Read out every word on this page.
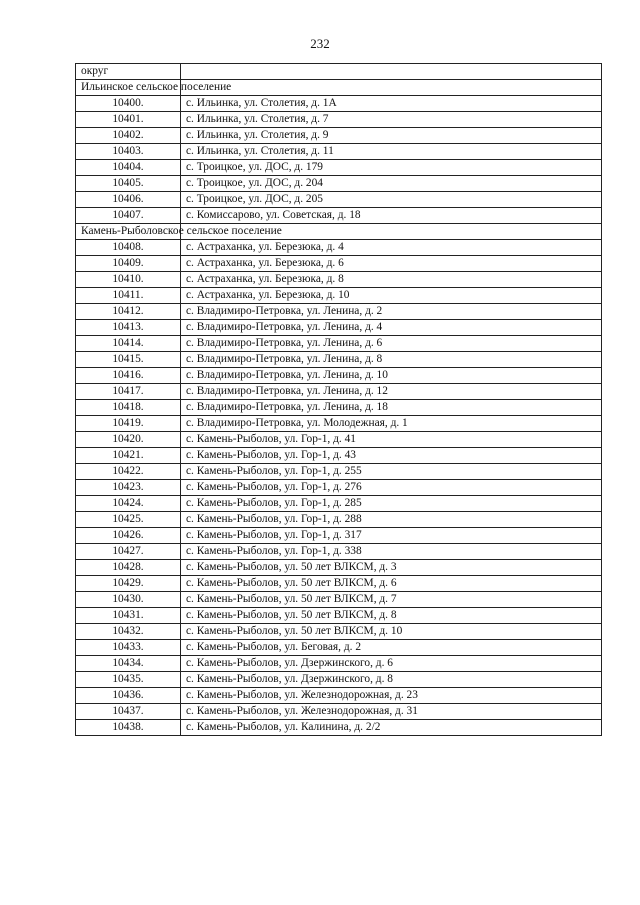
232
округ	
Ильинское сельское поселение	
10400.	с. Ильинка, ул. Столетия, д. 1А
10401.	с. Ильинка, ул. Столетия, д. 7
10402.	с. Ильинка, ул. Столетия, д. 9
10403.	с. Ильинка, ул. Столетия, д. 11
10404.	с. Троицкое, ул. ДОС, д. 179
10405.	с. Троицкое, ул. ДОС, д. 204
10406.	с. Троицкое, ул. ДОС, д. 205
10407.	с. Комиссарово, ул. Советская, д. 18
Камень-Рыболовское сельское поселение	
10408.	с. Астраханка, ул. Березюка, д. 4
10409.	с. Астраханка, ул. Березюка, д. 6
10410.	с. Астраханка, ул. Березюка, д. 8
10411.	с. Астраханка, ул. Березюка, д. 10
10412.	с. Владимиро-Петровка, ул. Ленина, д. 2
10413.	с. Владимиро-Петровка, ул. Ленина, д. 4
10414.	с. Владимиро-Петровка, ул. Ленина, д. 6
10415.	с. Владимиро-Петровка, ул. Ленина, д. 8
10416.	с. Владимиро-Петровка, ул. Ленина, д. 10
10417.	с. Владимиро-Петровка, ул. Ленина, д. 12
10418.	с. Владимиро-Петровка, ул. Ленина, д. 18
10419.	с. Владимиро-Петровка, ул. Молодежная, д. 1
10420.	с. Камень-Рыболов, ул. Гор-1, д. 41
10421.	с. Камень-Рыболов, ул. Гор-1, д. 43
10422.	с. Камень-Рыболов, ул. Гор-1, д. 255
10423.	с. Камень-Рыболов, ул. Гор-1, д. 276
10424.	с. Камень-Рыболов, ул. Гор-1, д. 285
10425.	с. Камень-Рыболов, ул. Гор-1, д. 288
10426.	с. Камень-Рыболов, ул. Гор-1, д. 317
10427.	с. Камень-Рыболов, ул. Гор-1, д. 338
10428.	с. Камень-Рыболов, ул. 50 лет ВЛКСМ, д. 3
10429.	с. Камень-Рыболов, ул. 50 лет ВЛКСМ, д. 6
10430.	с. Камень-Рыболов, ул. 50 лет ВЛКСМ, д. 7
10431.	с. Камень-Рыболов, ул. 50 лет ВЛКСМ, д. 8
10432.	с. Камень-Рыболов, ул. 50 лет ВЛКСМ, д. 10
10433.	с. Камень-Рыболов, ул. Беговая, д. 2
10434.	с. Камень-Рыболов, ул. Дзержинского, д. 6
10435.	с. Камень-Рыболов, ул. Дзержинского, д. 8
10436.	с. Камень-Рыболов, ул. Железнодорожная, д. 23
10437.	с. Камень-Рыболов, ул. Железнодорожная, д. 31
10438.	с. Камень-Рыболов, ул. Калинина, д. 2/2
